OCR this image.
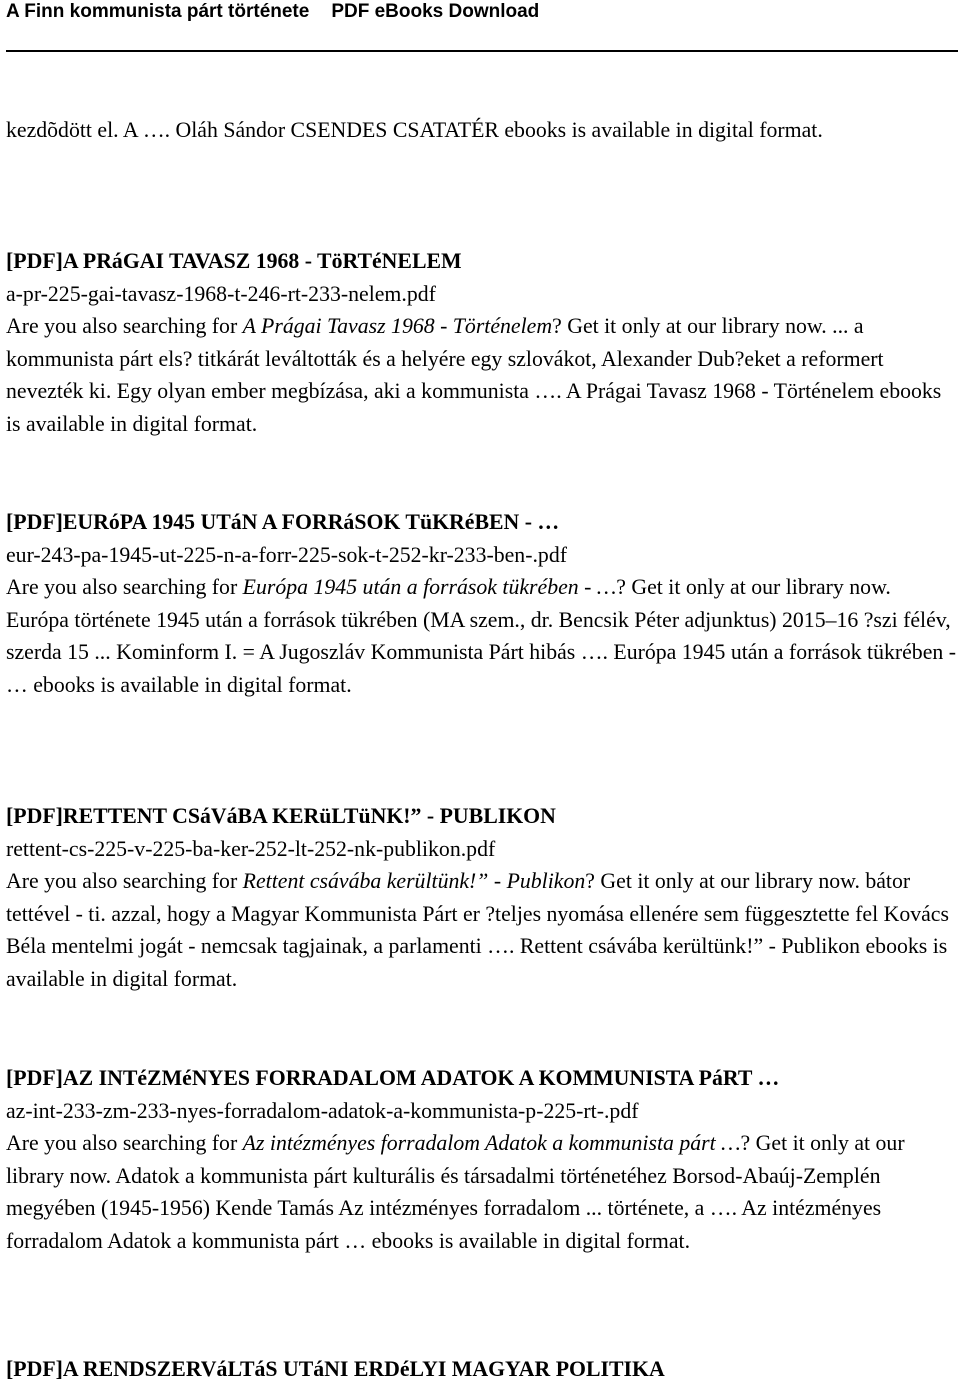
A Finn kommunista párt története PDF eBooks Download

kezdõdött el. A …. Oláh Sándor CSENDES CSATATÉR ebooks is available in digital format.

[PDF]A PRáGAI TAVASZ 1968 - TöRTéNELEM

a-pr-225-gai-tavasz-1968-t-246-rt-233-nelem.pdf

Are you also searching for A Prágai Tavasz 1968 - Történelem? Get it only at our library now. ... a kommunista párt els? titkárát leváltották és a helyére egy szlovákot, Alexander Dub?eket a reformert nevezték ki. Egy olyan ember megbízása, aki a kommunista …. A Prágai Tavasz 1968 - Történelem ebooks is available in digital format.

[PDF]EURóPA 1945 UTáN A FORRáSOK TüKRéBEN - …

eur-243-pa-1945-ut-225-n-a-forr-225-sok-t-252-kr-233-ben-.pdf

Are you also searching for Európa 1945 után a források tükrében - …? Get it only at our library now. Európa története 1945 után a források tükrében (MA szem., dr. Bencsik Péter adjunktus) 2015–16 ?szi félév, szerda 15 ... Kominform I. = A Jugoszláv Kommunista Párt hibás …. Európa 1945 után a források tükrében - … ebooks is available in digital format.

[PDF]RETTENT CSáVáBA KERüLTüNK!” - PUBLIKON

rettent-cs-225-v-225-ba-ker-252-lt-252-nk-publikon.pdf

Are you also searching for Rettent csávába kerültünk!” - Publikon? Get it only at our library now. bátor tettével - ti. azzal, hogy a Magyar Kommunista Párt er ?teljes nyomása ellenére sem függesztette fel Kovács Béla mentelmi jogát - nemcsak tagjainak, a parlamenti …. Rettent csávába kerültünk!” - Publikon ebooks is available in digital format.

[PDF]AZ INTéZMéNYES FORRADALOM ADATOK A KOMMUNISTA PáRT …

az-int-233-zm-233-nyes-forradalom-adatok-a-kommunista-p-225-rt-.pdf

Are you also searching for Az intézményes forradalom Adatok a kommunista párt …? Get it only at our library now. Adatok a kommunista párt kulturális és társadalmi történetéhez Borsod-Abaúj-Zemplén megyében (1945-1956) Kende Tamás Az intézményes forradalom ... története, a …. Az intézményes forradalom Adatok a kommunista párt … ebooks is available in digital format.

[PDF]A RENDSZERVáLTáS UTáNI ERDéLYI MAGYAR POLITIKA
